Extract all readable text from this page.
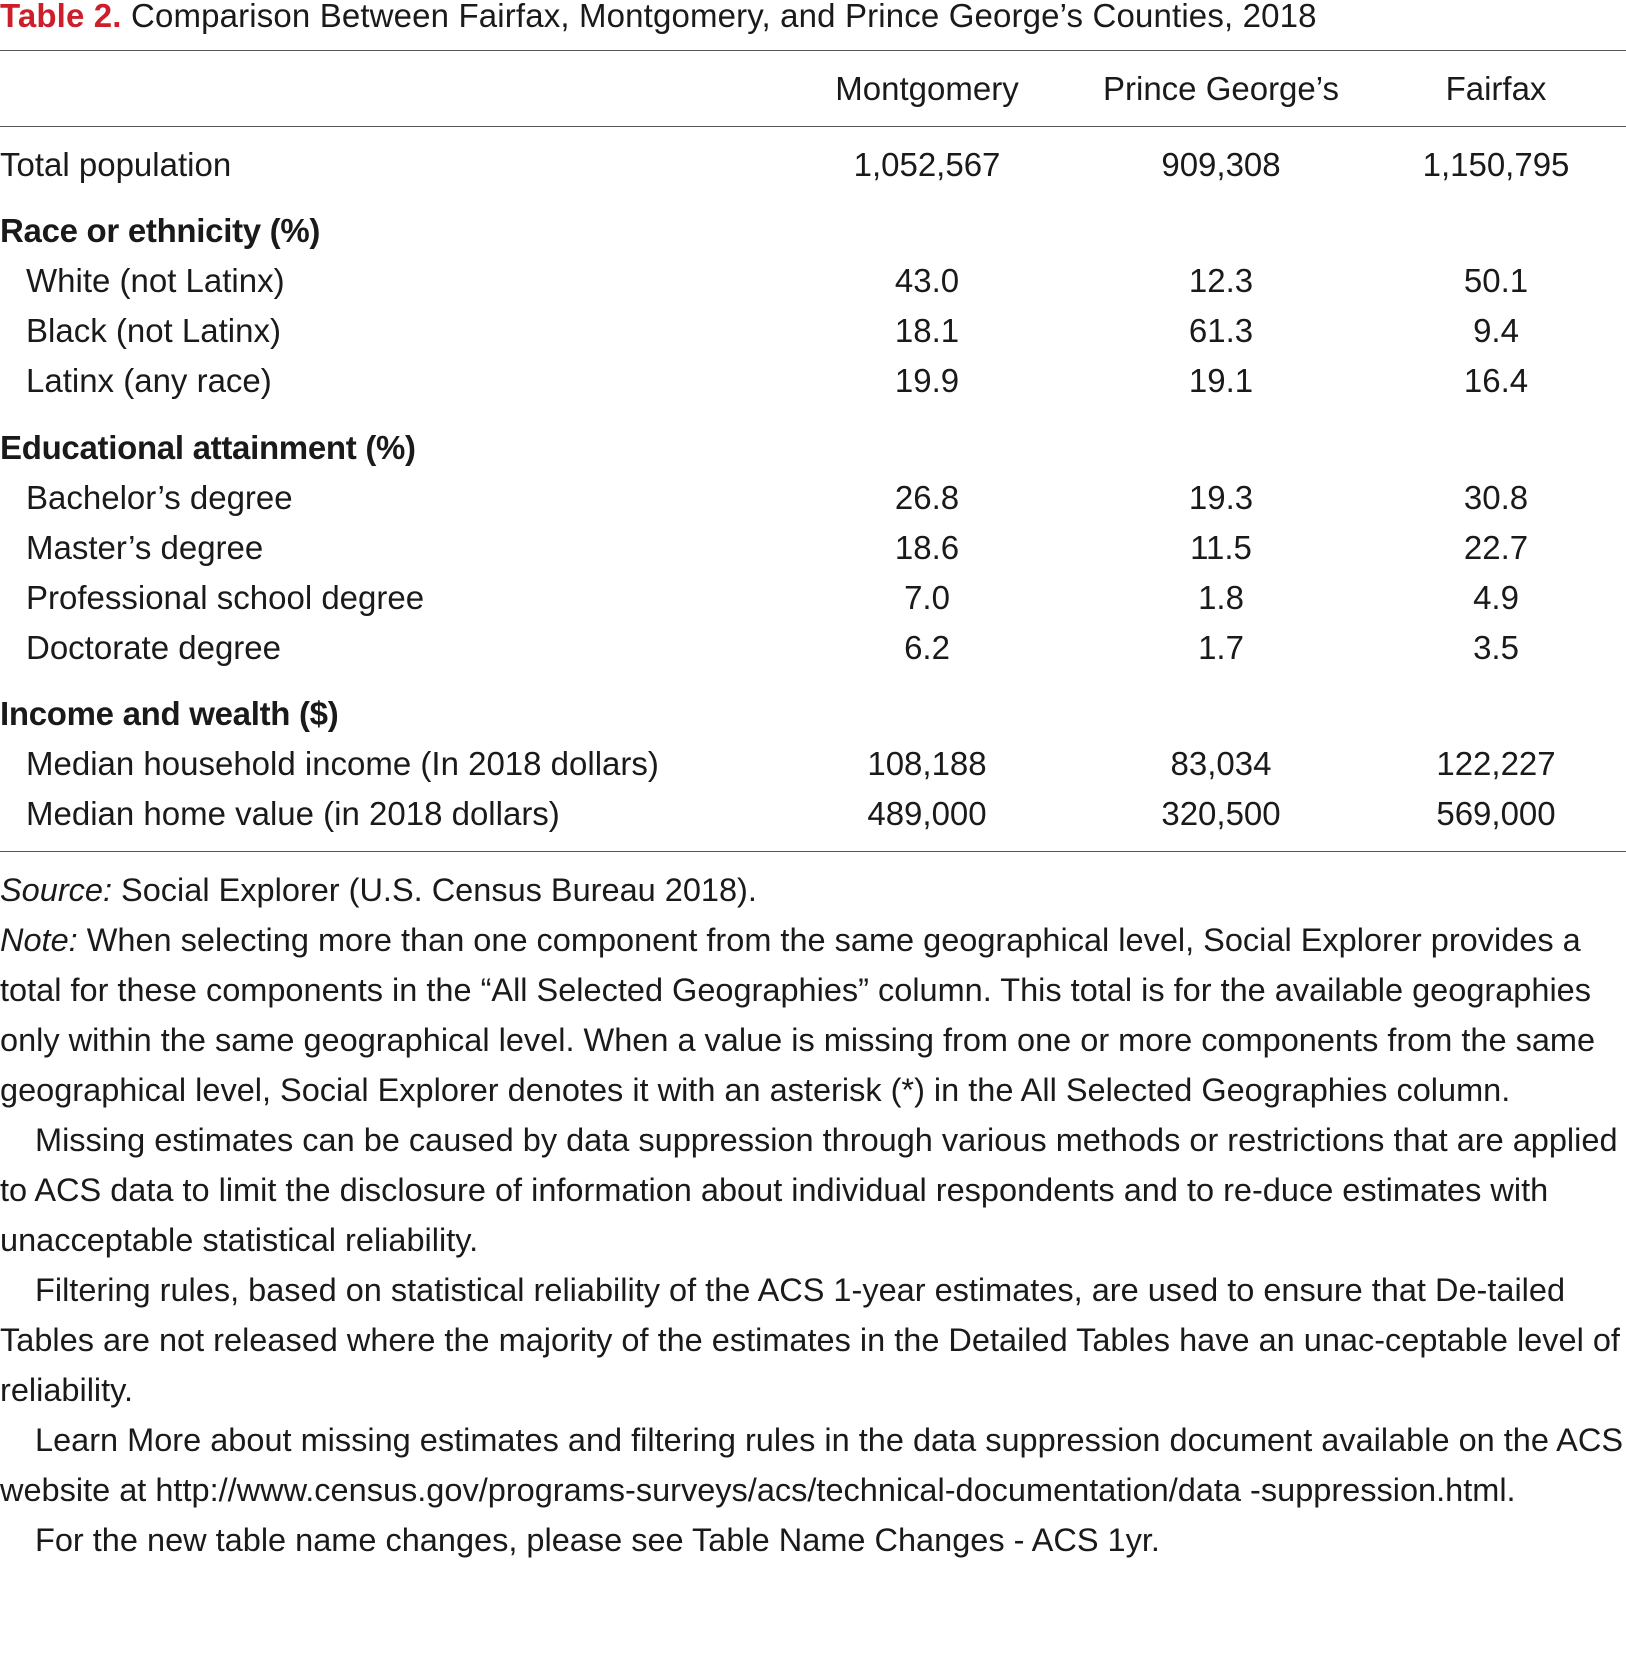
Table 2. Comparison Between Fairfax, Montgomery, and Prince George’s Counties, 2018
Montgomery	Prince George’s	Fairfax
Total population	1,052,567	909,308	1,150,795
Race or ethnicity (%)
White (not Latinx)	43.0	12.3	50.1
Black (not Latinx)	18.1	61.3	9.4
Latinx (any race)	19.9	19.1	16.4
Educational attainment (%)
Bachelor’s degree	26.8	19.3	30.8
Master’s degree	18.6	11.5	22.7
Professional school degree	7.0	1.8	4.9
Doctorate degree	6.2	1.7	3.5
Income and wealth ($)
Median household income (In 2018 dollars)	108,188	83,034	122,227
Median home value (in 2018 dollars)	489,000	320,500	569,000

Source: Social Explorer (U.S. Census Bureau 2018).

Note: When selecting more than one component from the same geographical level, Social Explorer provides a total for these components in the “All Selected Geographies” column. This total is for the available geographies only within the same geographical level. When a value is missing from one or more components from the same geographical level, Social Explorer denotes it with an asterisk (*) in the All Selected Geographies column.

Missing estimates can be caused by data suppression through various methods or restrictions that are applied to ACS data to limit the disclosure of information about individual respondents and to re-duce estimates with unacceptable statistical reliability.

Filtering rules, based on statistical reliability of the ACS 1-year estimates, are used to ensure that De-tailed Tables are not released where the majority of the estimates in the Detailed Tables have an unac-ceptable level of reliability.

Learn More about missing estimates and filtering rules in the data suppression document available on the ACS website at http://www.census.gov/programs-surveys/acs/technical-documentation/data -suppression.html.

For the new table name changes, please see Table Name Changes - ACS 1yr.
